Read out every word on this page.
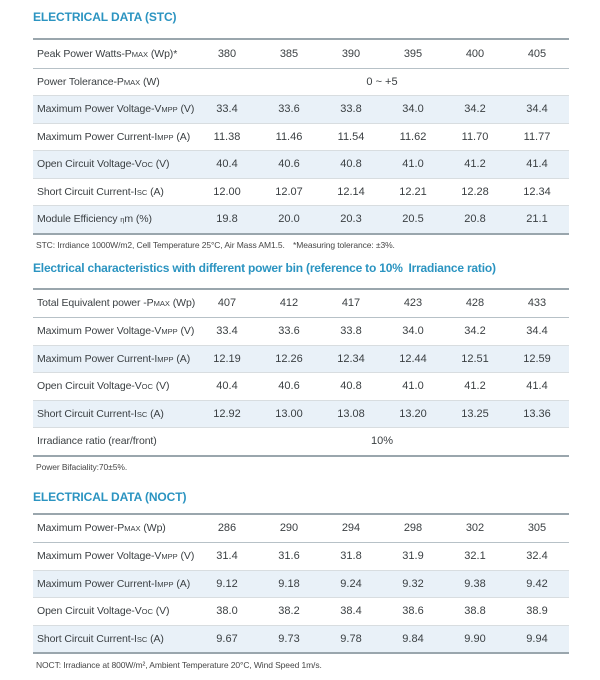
ELECTRICAL DATA (STC)
Peak Power Watts-PMAX (Wp)*	380	385	390	395	400	405
Power Tolerance-PMAX (W)	0 ~ +5
Maximum Power Voltage-VMPP (V)	33.4	33.6	33.8	34.0	34.2	34.4
Maximum Power Current-IMPP (A)	11.38	11.46	11.54	11.62	11.70	11.77
Open Circuit Voltage-VOC (V)	40.4	40.6	40.8	41.0	41.2	41.4
Short Circuit Current-ISC (A)	12.00	12.07	12.14	12.21	12.28	12.34
Module Efficiency ηm (%)	19.8	20.0	20.3	20.5	20.8	21.1

STC: Irrdiance 1000W/m2, Cell Temperature 25°C, Air Mass AM1.5.  *Measuring tolerance: ±3%.

Electrical characteristics with different power bin (reference to 10% Irradiance ratio)
Total Equivalent power -PMAX (Wp)	407	412	417	423	428	433
Maximum Power Voltage-VMPP (V)	33.4	33.6	33.8	34.0	34.2	34.4
Maximum Power Current-IMPP (A)	12.19	12.26	12.34	12.44	12.51	12.59
Open Circuit Voltage-VOC (V)	40.4	40.6	40.8	41.0	41.2	41.4
Short Circuit Current-ISC (A)	12.92	13.00	13.08	13.20	13.25	13.36
Irradiance ratio (rear/front)	10%

Power Bifaciality:70±5%.

ELECTRICAL DATA (NOCT)
Maximum Power-PMAX (Wp)	286	290	294	298	302	305
Maximum Power Voltage-VMPP (V)	31.4	31.6	31.8	31.9	32.1	32.4
Maximum Power Current-IMPP (A)	9.12	9.18	9.24	9.32	9.38	9.42
Open Circuit Voltage-VOC (V)	38.0	38.2	38.4	38.6	38.8	38.9
Short Circuit Current-ISC (A)	9.67	9.73	9.78	9.84	9.90	9.94

NOCT: Irradiance at 800W/m², Ambient Temperature 20°C, Wind Speed 1m/s.
